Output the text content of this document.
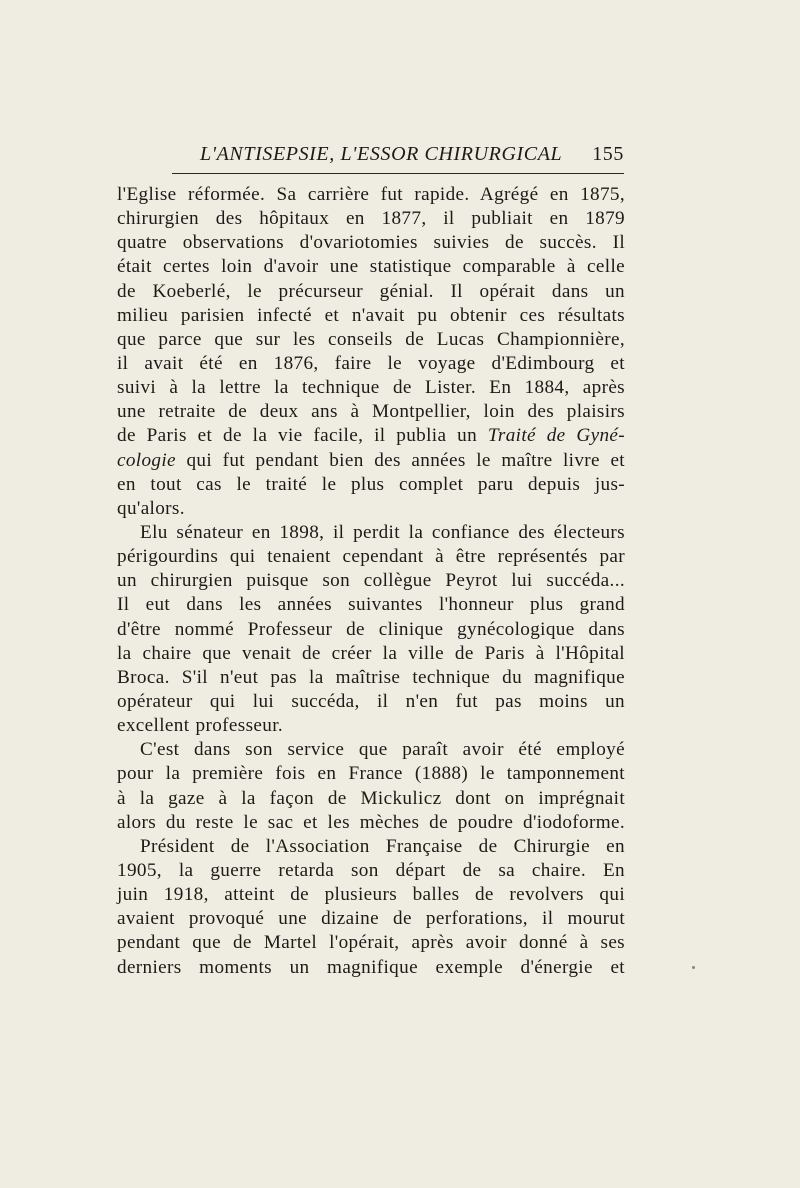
L'ANTISEPSIE, L'ESSOR CHIRURGICAL 155
l'Eglise réformée. Sa carrière fut rapide. Agrégé en 1875,
chirurgien des hôpitaux en 1877, il publiait en 1879
quatre observations d'ovariotomies suivies de succès. Il
était certes loin d'avoir une statistique comparable à celle
de Koeberlé, le précurseur génial. Il opérait dans un
milieu parisien infecté et n'avait pu obtenir ces résultats
que parce que sur les conseils de Lucas Championnière,
il avait été en 1876, faire le voyage d'Edimbourg et
suivi à la lettre la technique de Lister. En 1884, après
une retraite de deux ans à Montpellier, loin des plaisirs
de Paris et de la vie facile, il publia un Traité de Gyné-
cologie qui fut pendant bien des années le maître livre et
en tout cas le traité le plus complet paru depuis jus-
qu'alors.
Elu sénateur en 1898, il perdit la confiance des électeurs
périgourdins qui tenaient cependant à être représentés par
un chirurgien puisque son collègue Peyrot lui succéda...
Il eut dans les années suivantes l'honneur plus grand
d'être nommé Professeur de clinique gynécologique dans
la chaire que venait de créer la ville de Paris à l'Hôpital
Broca. S'il n'eut pas la maîtrise technique du magnifique
opérateur qui lui succéda, il n'en fut pas moins un
excellent professeur.
C'est dans son service que paraît avoir été employé
pour la première fois en France (1888) le tamponnement
à la gaze à la façon de Mickulicz dont on imprégnait
alors du reste le sac et les mèches de poudre d'iodoforme.
Président de l'Association Française de Chirurgie en
1905, la guerre retarda son départ de sa chaire. En
juin 1918, atteint de plusieurs balles de revolvers qui
avaient provoqué une dizaine de perforations, il mourut
pendant que de Martel l'opérait, après avoir donné à ses
derniers moments un magnifique exemple d'énergie et
